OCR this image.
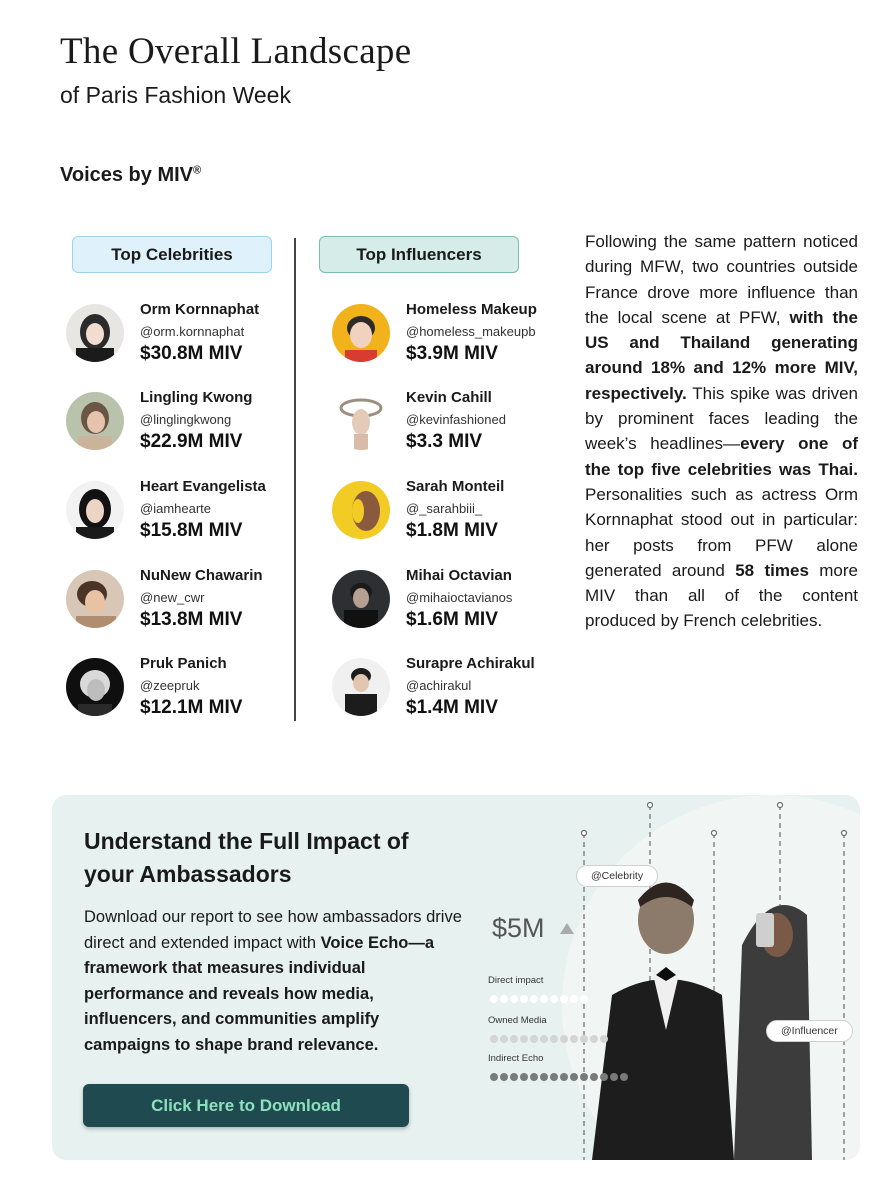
The Overall Landscape
of Paris Fashion Week
Voices by MIV®
Top Celebrities	Top Influencers
Orm Kornnaphat
@orm.kornnaphat
$30.8M MIV
Lingling Kwong
@linglingkwong
$22.9M MIV
Heart Evangelista
@iamhearte
$15.8M MIV
NuNew Chawarin
@new_cwr
$13.8M MIV
Pruk Panich
@zeepruk
$12.1M MIV
Homeless Makeup
@homeless_makeupb
$3.9M MIV
Kevin Cahill
@kevinfashioned
$3.3 MIV
Sarah Monteil
@_sarahbiii_
$1.8M MIV
Mihai Octavian
@mihaioctavianos
$1.6M MIV
Surapre Achirakul
@achirakul
$1.4M MIV
Following the same pattern noticed during MFW, two countries outside France drove more influence than the local scene at PFW, with the US and Thailand generating around 18% and 12% more MIV, respectively. This spike was driven by prominent faces leading the week’s headlines—every one of the top five celebrities was Thai. Personalities such as actress Orm Kornnaphat stood out in particular: her posts from PFW alone generated around 58 times more MIV than all of the content produced by French celebrities.
Understand the Full Impact of your Ambassadors
Download our report to see how ambassadors drive direct and extended impact with Voice Echo—a framework that measures individual performance and reveals how media, influencers, and communities amplify campaigns to shape brand relevance.
Click Here to Download
@Celebrity
@Influencer
$5M
Direct impact
Owned Media
Indirect Echo
